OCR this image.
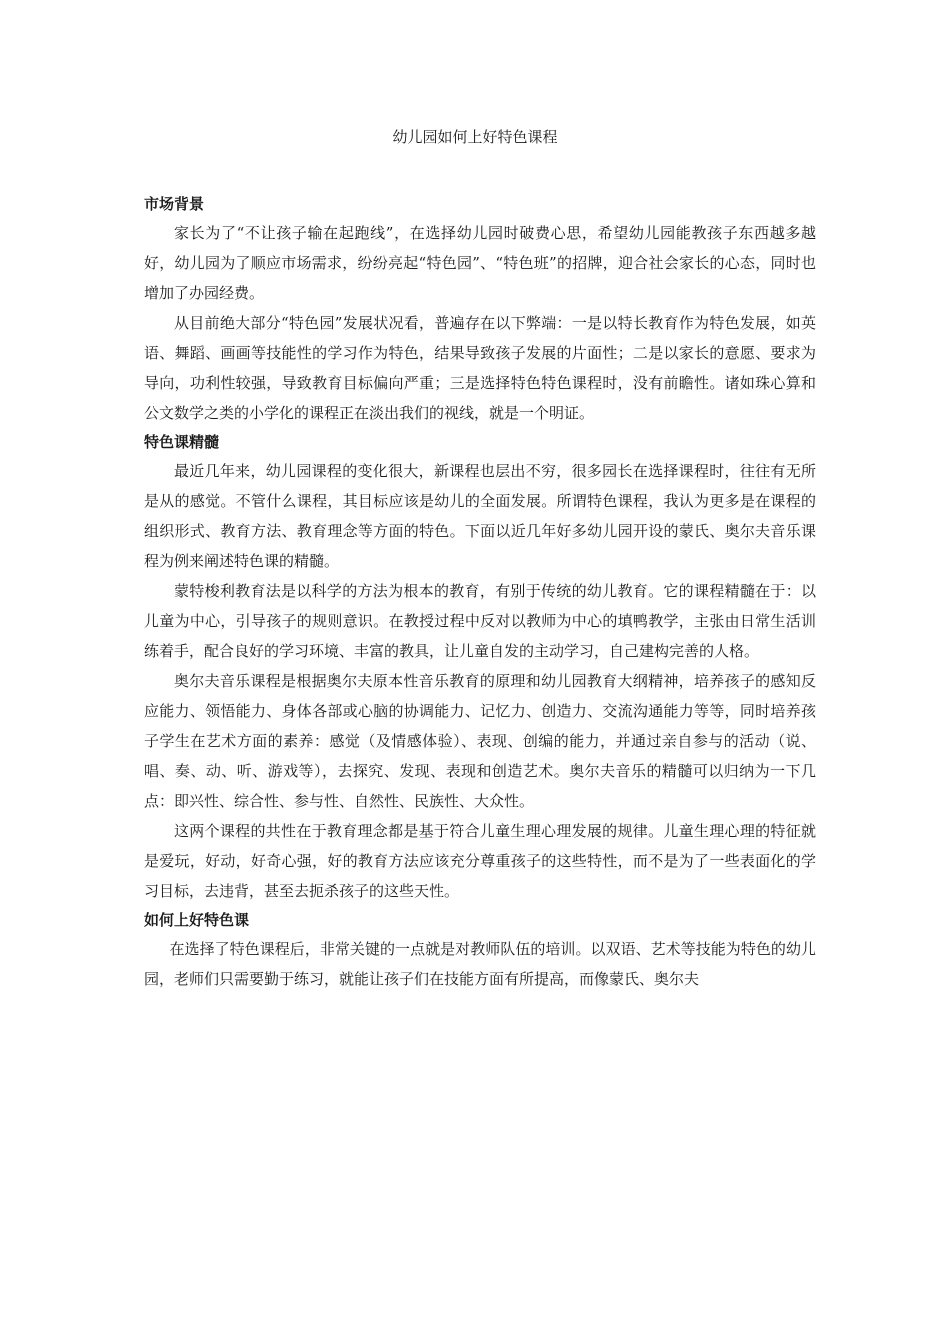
幼儿园如何上好特色课程
市场背景

家长为了“不让孩子输在起跑线”，在选择幼儿园时破费心思，希望幼儿园能教孩子东西越多越好，幼儿园为了顺应市场需求，纷纷亮起“特色园”、“特色班”的招牌，迎合社会家长的心态，同时也增加了办园经费。

从目前绝大部分“特色园”发展状况看，普遍存在以下弊端：一是以特长教育作为特色发展，如英语、舞蹈、画画等技能性的学习作为特色，结果导致孩子发展的片面性；二是以家长的意愿、要求为导向，功利性较强，导致教育目标偏向严重；三是选择特色特色课程时，没有前瞻性。诸如珠心算和公文数学之类的小学化的课程正在淡出我们的视线，就是一个明证。

特色课精髓

最近几年来，幼儿园课程的变化很大，新课程也层出不穷，很多园长在选择课程时，往往有无所是从的感觉。不管什么课程，其目标应该是幼儿的全面发展。所谓特色课程，我认为更多是在课程的组织形式、教育方法、教育理念等方面的特色。下面以近几年好多幼儿园开设的蒙氏、奥尔夫音乐课程为例来阐述特色课的精髓。

蒙特梭利教育法是以科学的方法为根本的教育，有别于传统的幼儿教育。它的课程精髓在于：以儿童为中心，引导孩子的规则意识。在教授过程中反对以教师为中心的填鸭教学，主张由日常生活训练着手，配合良好的学习环境、丰富的教具，让儿童自发的主动学习，自己建构完善的人格。

奥尔夫音乐课程是根据奥尔夫原本性音乐教育的原理和幼儿园教育大纲精神，培养孩子的感知反应能力、领悟能力、身体各部或心脑的协调能力、记忆力、创造力、交流沟通能力等等，同时培养孩子学生在艺术方面的素养：感觉（及情感体验）、表现、创编的能力，并通过亲自参与的活动（说、唱、奏、动、听、游戏等），去探究、发现、表现和创造艺术。奥尔夫音乐的精髓可以归纳为一下几点：即兴性、综合性、参与性、自然性、民族性、大众性。

这两个课程的共性在于教育理念都是基于符合儿童生理心理发展的规律。儿童生理心理的特征就是爱玩，好动，好奇心强，好的教育方法应该充分尊重孩子的这些特性，而不是为了一些表面化的学习目标，去违背，甚至去扼杀孩子的这些天性。

如何上好特色课

在选择了特色课程后，非常关键的一点就是对教师队伍的培训。以双语、艺术等技能为特色的幼儿园，老师们只需要勤于练习，就能让孩子们在技能方面有所提高，而像蒙氏、奥尔夫
